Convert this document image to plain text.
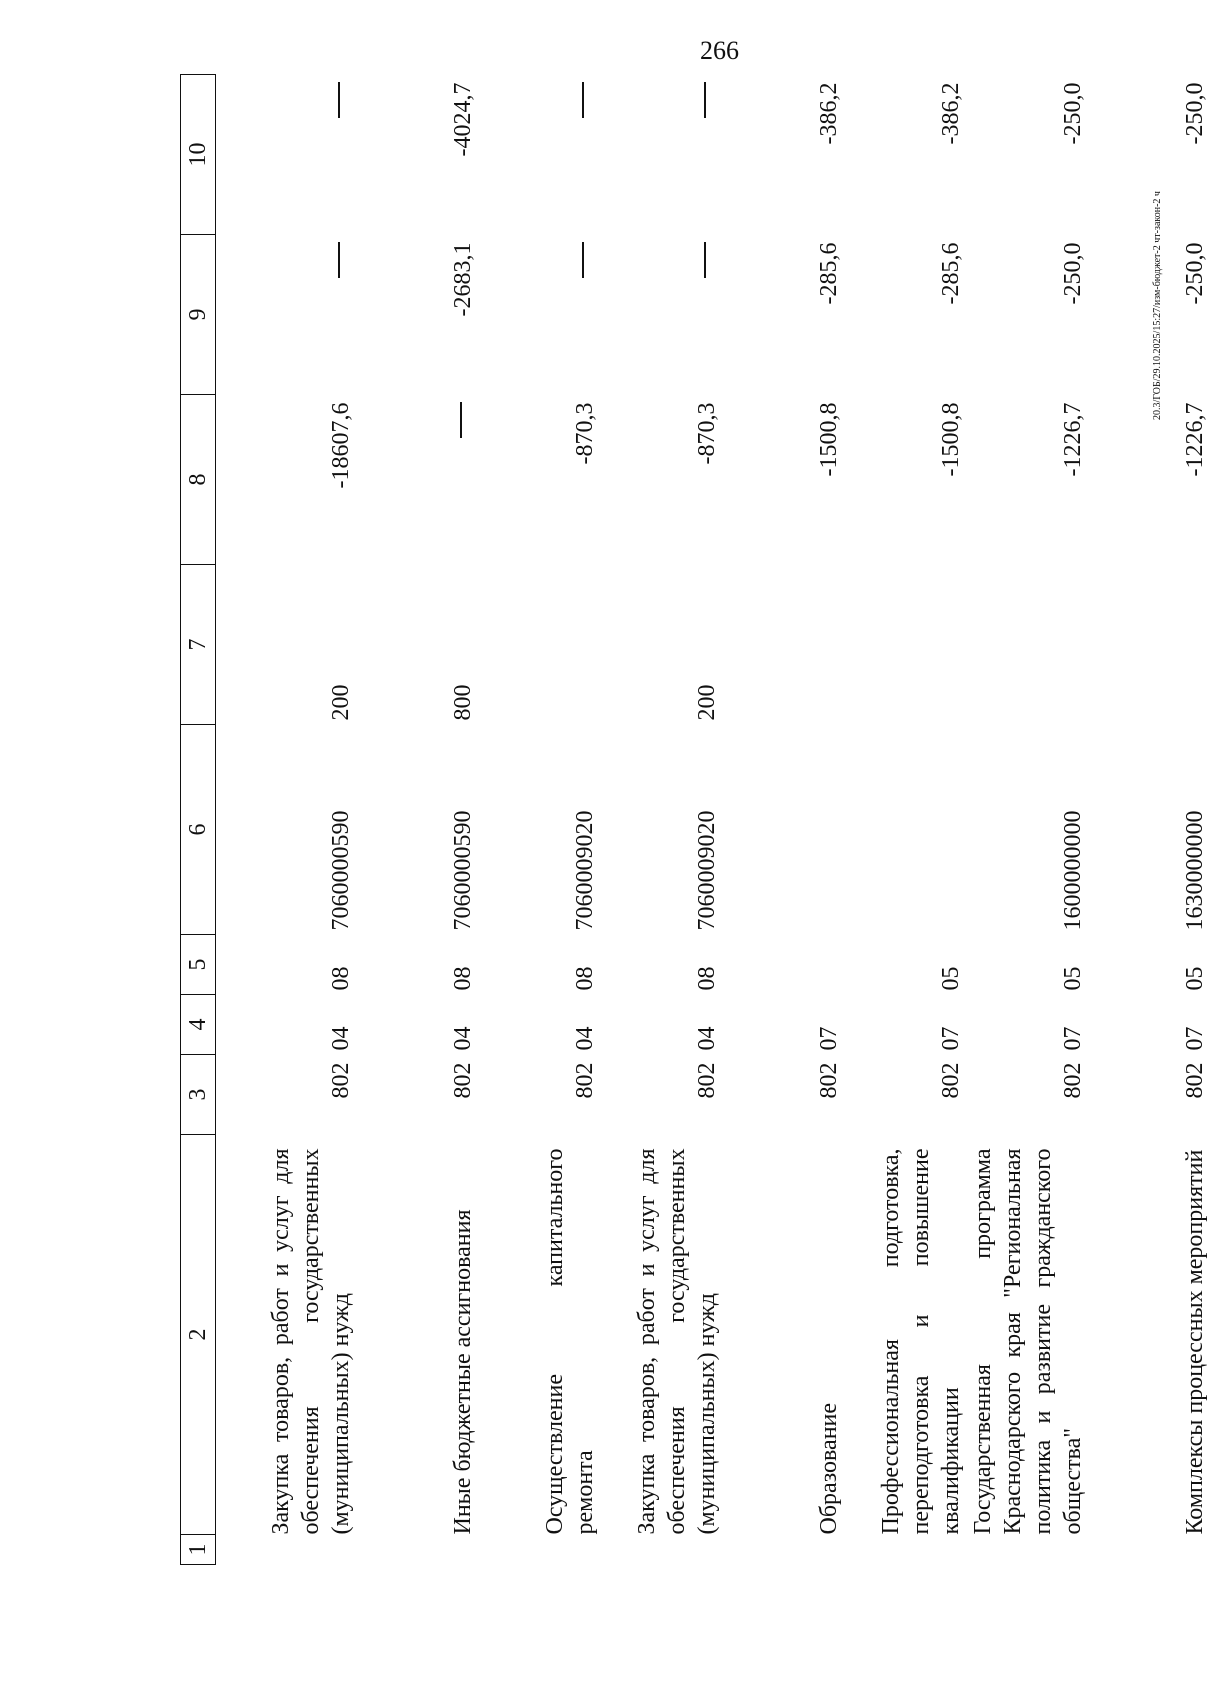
266
20.3/ГОБ/29.10.2025/15:27/изм-бюджет-2 чт-закон-2 ч
1	2	3	4	5	6	7	8	9	10
	Закупка товаров, работ и услуг для обеспечения государственных (муниципальных) нужд	802	04	08	7060000590	200	-18607,6		
	Иные бюджетные ассигнования	802	04	08	7060000590	800		-2683,1	-4024,7
	Осуществление капитального ремонта	802	04	08	7060009020		-870,3		
	Закупка товаров, работ и услуг для обеспечения государственных (муниципальных) нужд	802	04	08	7060009020	200	-870,3		
	Образование	802	07				-1500,8	-285,6	-386,2
	Профессиональная подготовка, переподготовка и повышение квалификации	802	07	05			-1500,8	-285,6	-386,2
	Государственная программа Краснодарского края "Региональная политика и развитие гражданского общества"	802	07	05	1600000000		-1226,7	-250,0	-250,0
	Комплексы процессных мероприятий	802	07	05	1630000000		-1226,7	-250,0	-250,0
